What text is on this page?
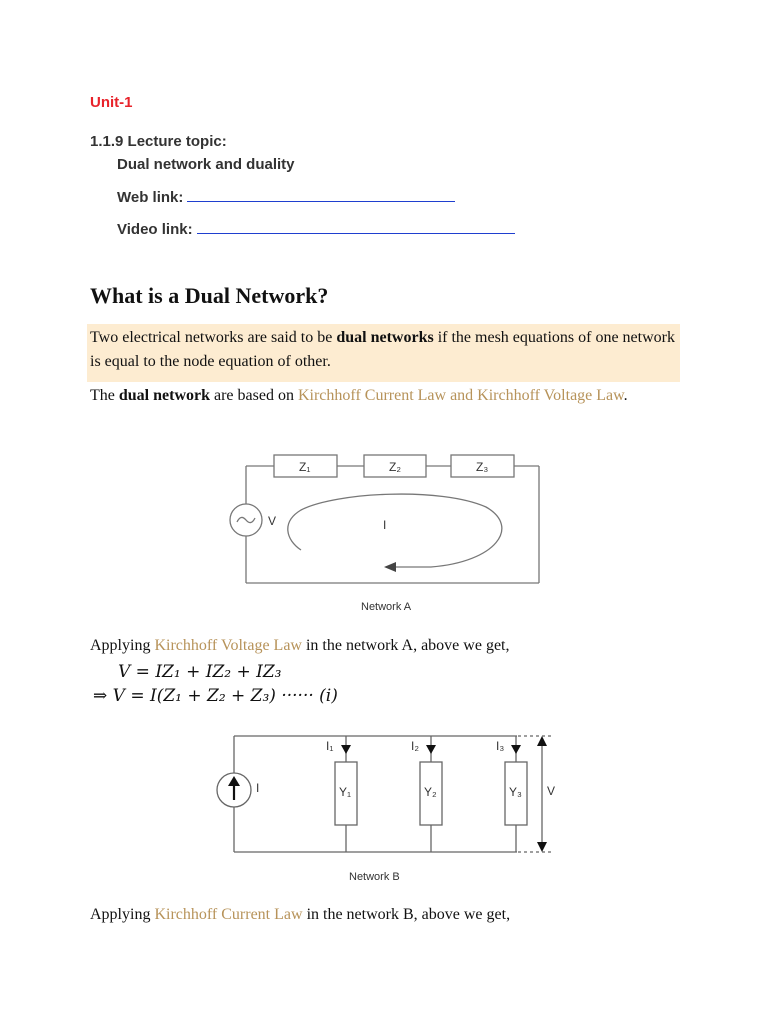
Unit-1
1.1.9 Lecture topic:
Dual network and duality
Web link:
Video link:
What is a Dual Network?

Two electrical networks are said to be dual networks if the mesh equations of one network is equal to the node equation of other.

The dual network are based on Kirchhoff Current Law and Kirchhoff Voltage Law.

Z₁	Z₂	Z₃
V	I
Network A

Applying Kirchhoff Voltage Law in the network A, above we get,

V = IZ₁ + IZ₂ + IZ₃
⇒ V = I(Z₁ + Z₂ + Z₃) ······ (i)
I
I₁	I₂	I₃
Y₁	Y₂	Y₃ V
Network B

Applying Kirchhoff Current Law in the network B, above we get,
